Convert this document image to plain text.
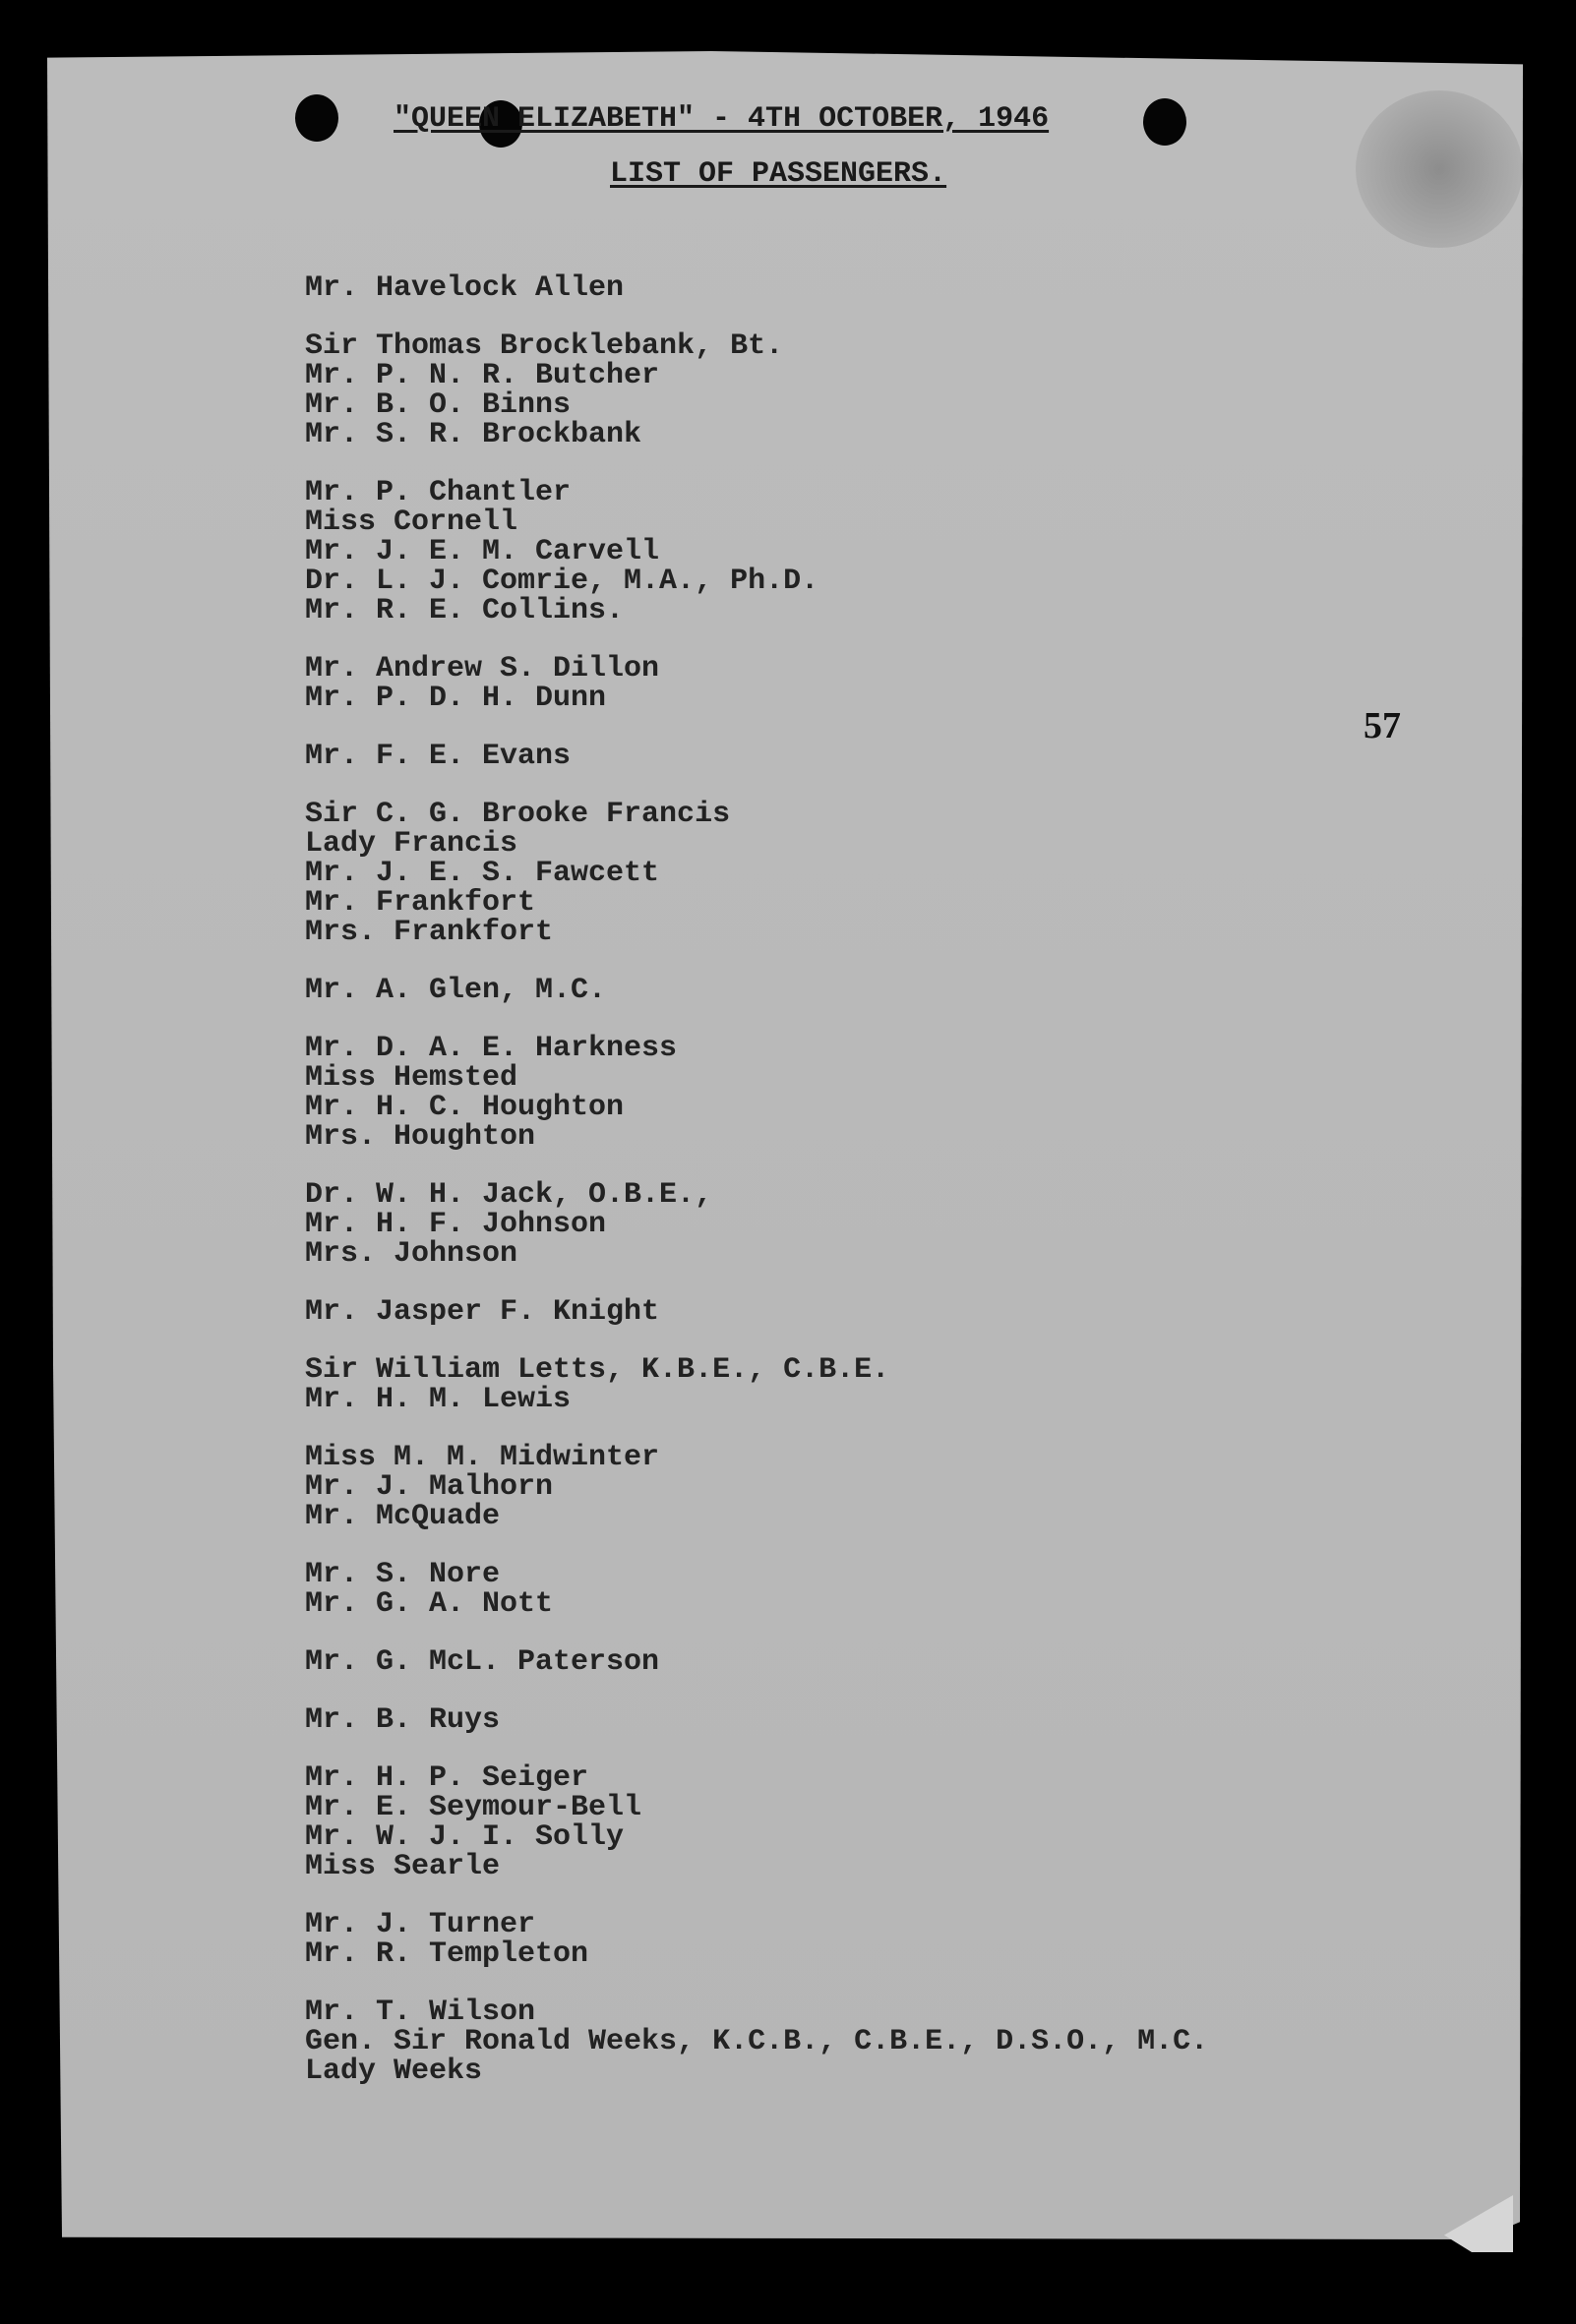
"QUEEN ELIZABETH" - 4TH OCTOBER, 1946
LIST OF PASSENGERS.
57
Mr. Havelock Allen
Sir Thomas Brocklebank, Bt.
Mr. P. N. R. Butcher
Mr. B. O. Binns
Mr. S. R. Brockbank
Mr. P. Chantler
Miss Cornell
Mr. J. E. M. Carvell
Dr. L. J. Comrie, M.A., Ph.D.
Mr. R. E. Collins.
Mr. Andrew S. Dillon
Mr. P. D. H. Dunn
Mr. F. E. Evans
Sir C. G. Brooke Francis
Lady Francis
Mr. J. E. S. Fawcett
Mr. Frankfort
Mrs. Frankfort
Mr. A. Glen, M.C.
Mr. D. A. E. Harkness
Miss Hemsted
Mr. H. C. Houghton
Mrs. Houghton
Dr. W. H. Jack, O.B.E.,
Mr. H. F. Johnson
Mrs. Johnson
Mr. Jasper F. Knight
Sir William Letts, K.B.E., C.B.E.
Mr. H. M. Lewis
Miss M. M. Midwinter
Mr. J. Malhorn
Mr. McQuade
Mr. S. Nore
Mr. G. A. Nott
Mr. G. McL. Paterson
Mr. B. Ruys
Mr. H. P. Seiger
Mr. E. Seymour-Bell
Mr. W. J. I. Solly
Miss Searle
Mr. J. Turner
Mr. R. Templeton
Mr. T. Wilson
Gen. Sir Ronald Weeks, K.C.B., C.B.E., D.S.O., M.C.
Lady Weeks
